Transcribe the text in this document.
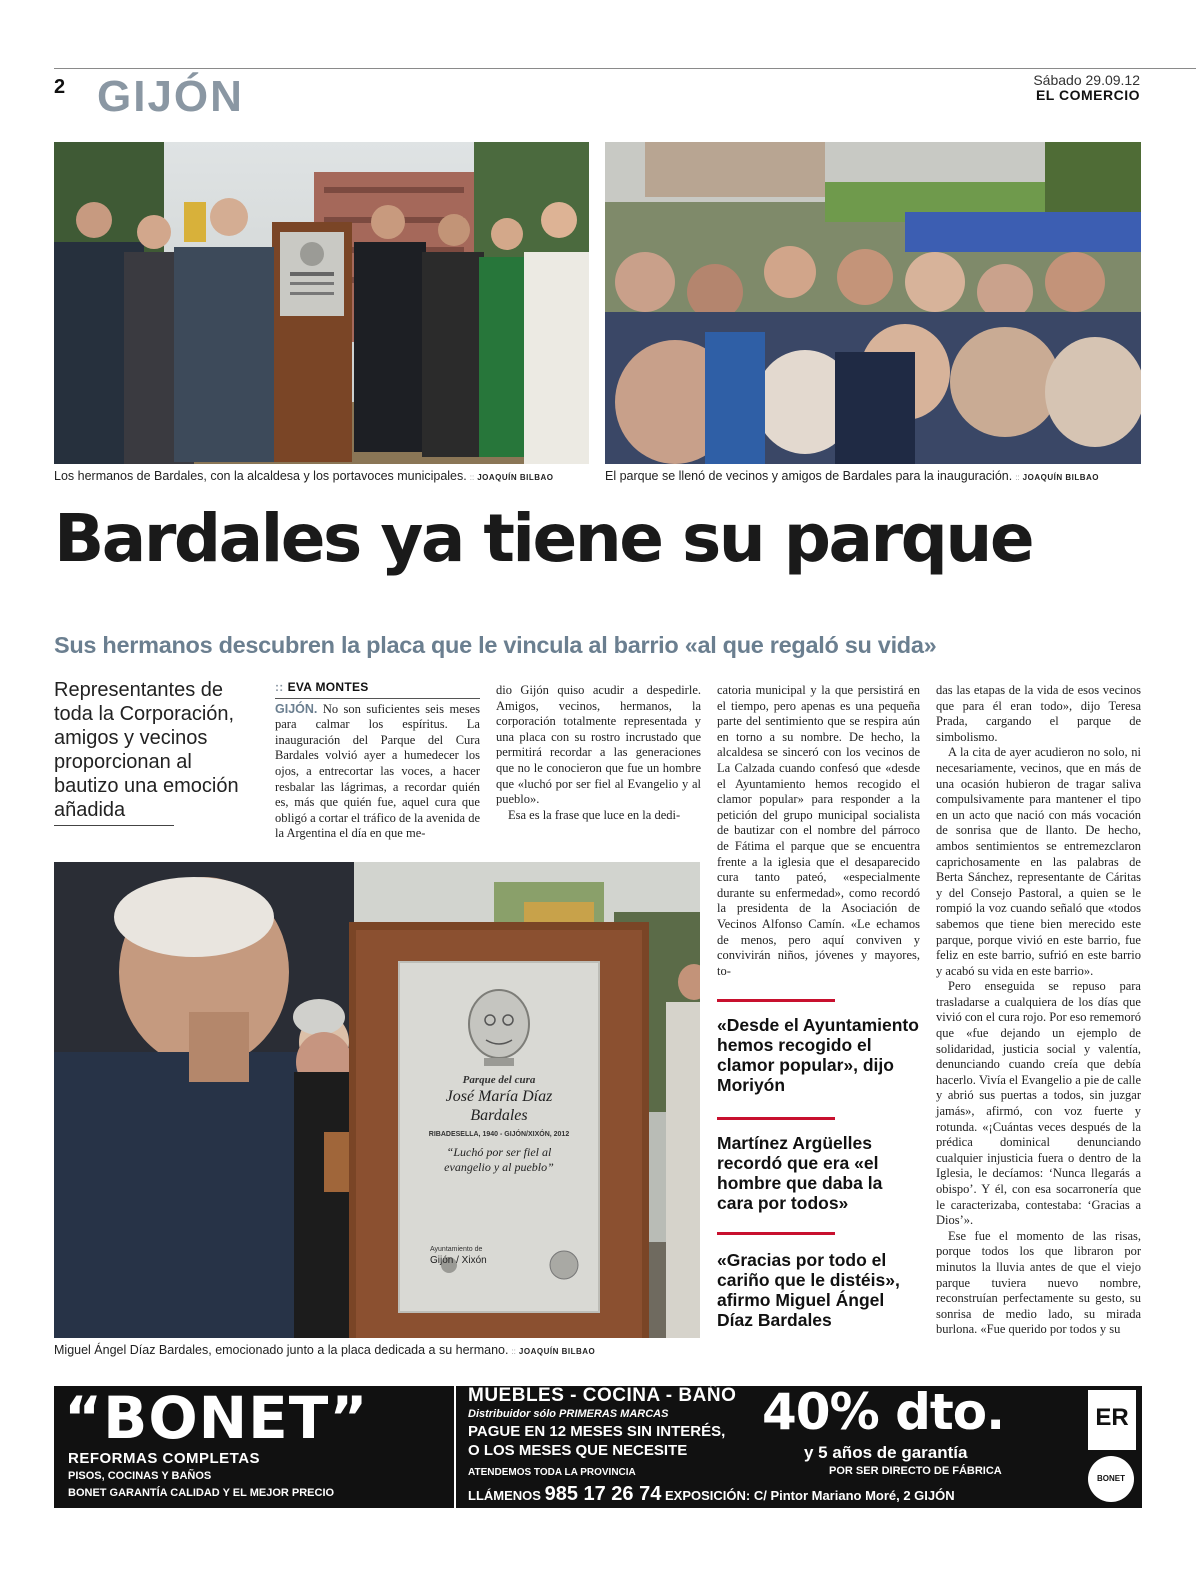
2 GIJÓN	Sábado 29.09.12
EL COMERCIO
Los hermanos de Bardales, con la alcaldesa y los portavoces municipales. :: JOAQUÍN BILBAO	El parque se llenó de vecinos y amigos de Bardales para la inauguración. :: JOAQUÍN BILBAO
Bardales ya tiene su parque
Sus hermanos descubren la placa que le vincula al barrio «al que regaló su vida»
Representantes de toda la Corporación, amigos y vecinos proporcionan al bautizo una emoción añadida
:: EVA MONTES

GIJÓN. No son suficientes seis meses para calmar los espíritus. La inauguración del Parque del Cura Bardales volvió ayer a humedecer los ojos, a entrecortar las voces, a hacer resbalar las lágrimas, a recordar quién es, más que quién fue, aquel cura que obligó a cortar el tráfico de la avenida de la Argentina el día en que me-

dio Gijón quiso acudir a despedirle. Amigos, vecinos, hermanos, la corporación totalmente representada y una placa con su rostro incrustado que permitirá recordar a las generaciones que no le conocieron que fue un hombre que «luchó por ser fiel al Evangelio y al pueblo».

Esa es la frase que luce en la dedi-

catoria municipal y la que persistirá en el tiempo, pero apenas es una pequeña parte del sentimiento que se respira aún en torno a su nombre. De hecho, la alcaldesa se sinceró con los vecinos de La Calzada cuando confesó que «desde el Ayuntamiento hemos recogido el clamor popular» para responder a la petición del grupo municipal socialista de bautizar con el nombre del párroco de Fátima el parque que se encuentra frente a la iglesia que el desaparecido cura tanto pateó, «especialmente durante su enfermedad», como recordó la presidenta de la Asociación de Vecinos Alfonso Camín. «Le echamos de menos, pero aquí conviven y convivirán niños, jóvenes y mayores, to-

«Desde el Ayuntamiento hemos recogido el clamor popular», dijo Moriyón
Martínez Argüelles recordó que era «el hombre que daba la cara por todos»
«Gracias por todo el cariño que le distéis», afirmo Miguel Ángel Díaz Bardales

das las etapas de la vida de esos vecinos que para él eran todo», dijo Teresa Prada, cargando el parque de simbolismo.

A la cita de ayer acudieron no solo, ni necesariamente, vecinos, que en más de una ocasión hubieron de tragar saliva compulsivamente para mantener el tipo en un acto que nació con más vocación de sonrisa que de llanto. De hecho, ambos sentimientos se entremezclaron caprichosamente en las palabras de Berta Sánchez, representante de Cáritas y del Consejo Pastoral, a quien se le rompió la voz cuando señaló que «todos sabemos que tiene bien merecido este parque, porque vivió en este barrio, fue feliz en este barrio, sufrió en este barrio y acabó su vida en este barrio».

Pero enseguida se repuso para trasladarse a cualquiera de los días que vivió con el cura rojo. Por eso rememoró que «fue dejando un ejemplo de solidaridad, justicia social y valentía, denunciando cuando creía que debía hacerlo. Vivía el Evangelio a pie de calle y abrió sus puertas a todos, sin juzgar jamás», afirmó, con voz fuerte y rotunda. «¡Cuántas veces después de la prédica dominical denunciando cualquier injusticia fuera o dentro de la Iglesia, le decíamos: ‘Nunca llegarás a obispo’. Y él, con esa socarronería que le caracterizaba, contestaba: ‘Gracias a Dios’».

Ese fue el momento de las risas, porque todos los que libraron por minutos la lluvia antes de que el viejo parque tuviera nuevo nombre, reconstruían perfectamente su gesto, su sonrisa de medio lado, su mirada burlona. «Fue querido por todos y su

Parque del cura
José María Díaz
Bardales
RIBADESELLA, 1940 - GIJÓN/XIXÓN, 2012
“Luchó por ser fiel al
evangelio y al pueblo”
Ayuntamiento de
Gijón / Xixón
Miguel Ángel Díaz Bardales, emocionado junto a la placa dedicada a su hermano. :: JOAQUÍN BILBAO
“BONET”
REFORMAS COMPLETAS
PISOS, COCINAS Y BAÑOS
BONET GARANTÍA CALIDAD Y EL MEJOR PRECIO
MUEBLES - COCINA - BAÑO
Distribuidor sólo PRIMERAS MARCAS
PAGUE EN 12 MESES SIN INTERÉS,
O LOS MESES QUE NECESITE
ATENDEMOS TODA LA PROVINCIA
LLÁMENOS 985 17 26 74 EXPOSICIÓN: C/ Pintor Mariano Moré, 2 GIJÓN
40% dto.
y 5 años de garantía
POR SER DIRECTO DE FÁBRICA
ER
BONET
